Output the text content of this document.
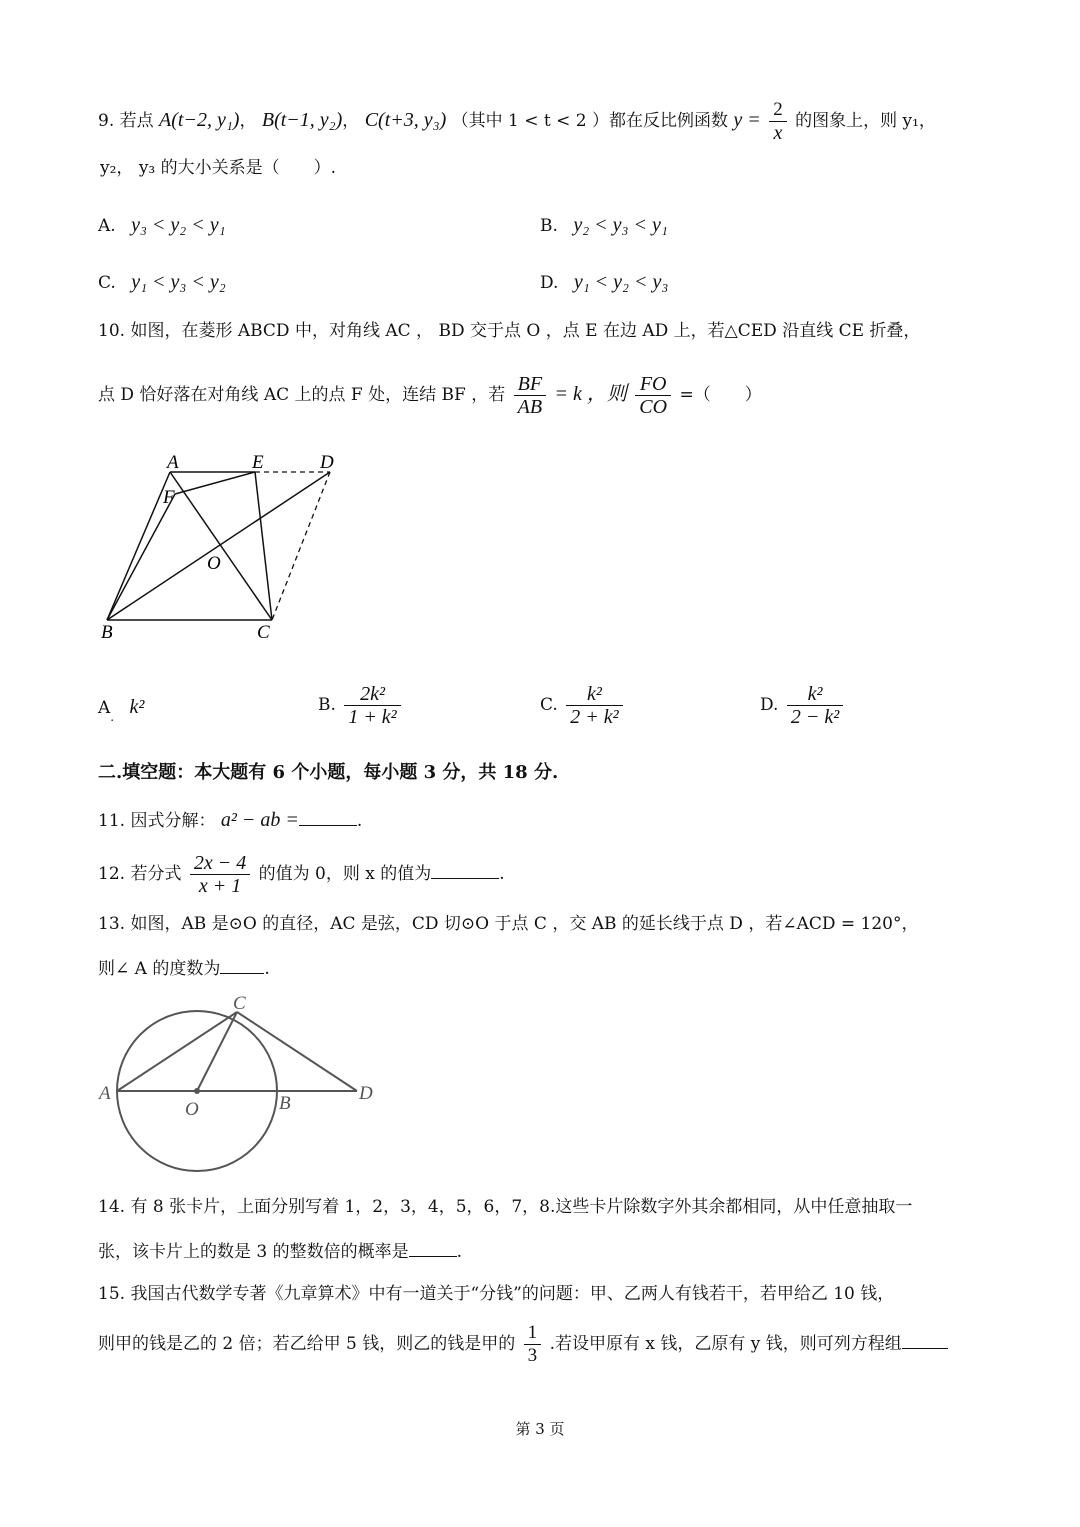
9. 若点 A(t−2, y₁)， B(t−1, y₂)， C(t+3, y₃) （其中 1 < t < 2 ）都在反比例函数 $y = \frac{2}{x}$ 的图象上，则 y₁，
y₂， y₃ 的大小关系是（　　）.
A. y₃ < y₂ < y₁	B. y₂ < y₃ < y₁
C. y₁ < y₃ < y₂	D. y₁ < y₂ < y₃
10. 如图，在菱形 ABCD 中，对角线 AC ， BD 交于点 O ，点 E 在边 AD 上，若△CED 沿直线 CE 折叠，
点 D 恰好落在对角线 AC 上的点 F 处，连结 BF ，若 $\frac{BF}{AB} = k$ ，则 $\frac{FO}{CO}$ =（　　）
A	E	D
F
O
B	C
$A_.$ k²	B. $\frac{\text{2k²}}{\text{1 + k²}}$	C. $\frac{\text{k²}}{\text{2 + k²}}$	D. $\frac{\text{k²}}{\text{2 − k²}}$
二.填空题：本大题有 6 个小题，每小题 3 分，共 18 分.
11. 因式分解： a² − ab =	.
12. 若分式 $\frac{2x - 4}{x + 1}$ 的值为 0，则 x 的值为	.
13. 如图，AB 是⊙O 的直径，AC 是弦，CD 切⊙O 于点 C ，交 AB 的延长线于点 D ，若∠ACD = 120°，
则∠ A 的度数为	.
A
O	B
C
D
14. 有 8 张卡片，上面分别写着 1，2，3，4，5，6，7，8.这些卡片除数字外其余都相同，从中任意抽取一
张，该卡片上的数是 3 的整数倍的概率是	.
15. 我国古代数学专著《九章算术》中有一道关于“分钱”的问题：甲、乙两人有钱若干，若甲给乙 10 钱，
则甲的钱是乙的 2 倍；若乙给甲 5 钱，则乙的钱是甲的 $\frac{1}{3}$ .若设甲原有 x 钱，乙原有 y 钱，则可列方程组
第 3 页
